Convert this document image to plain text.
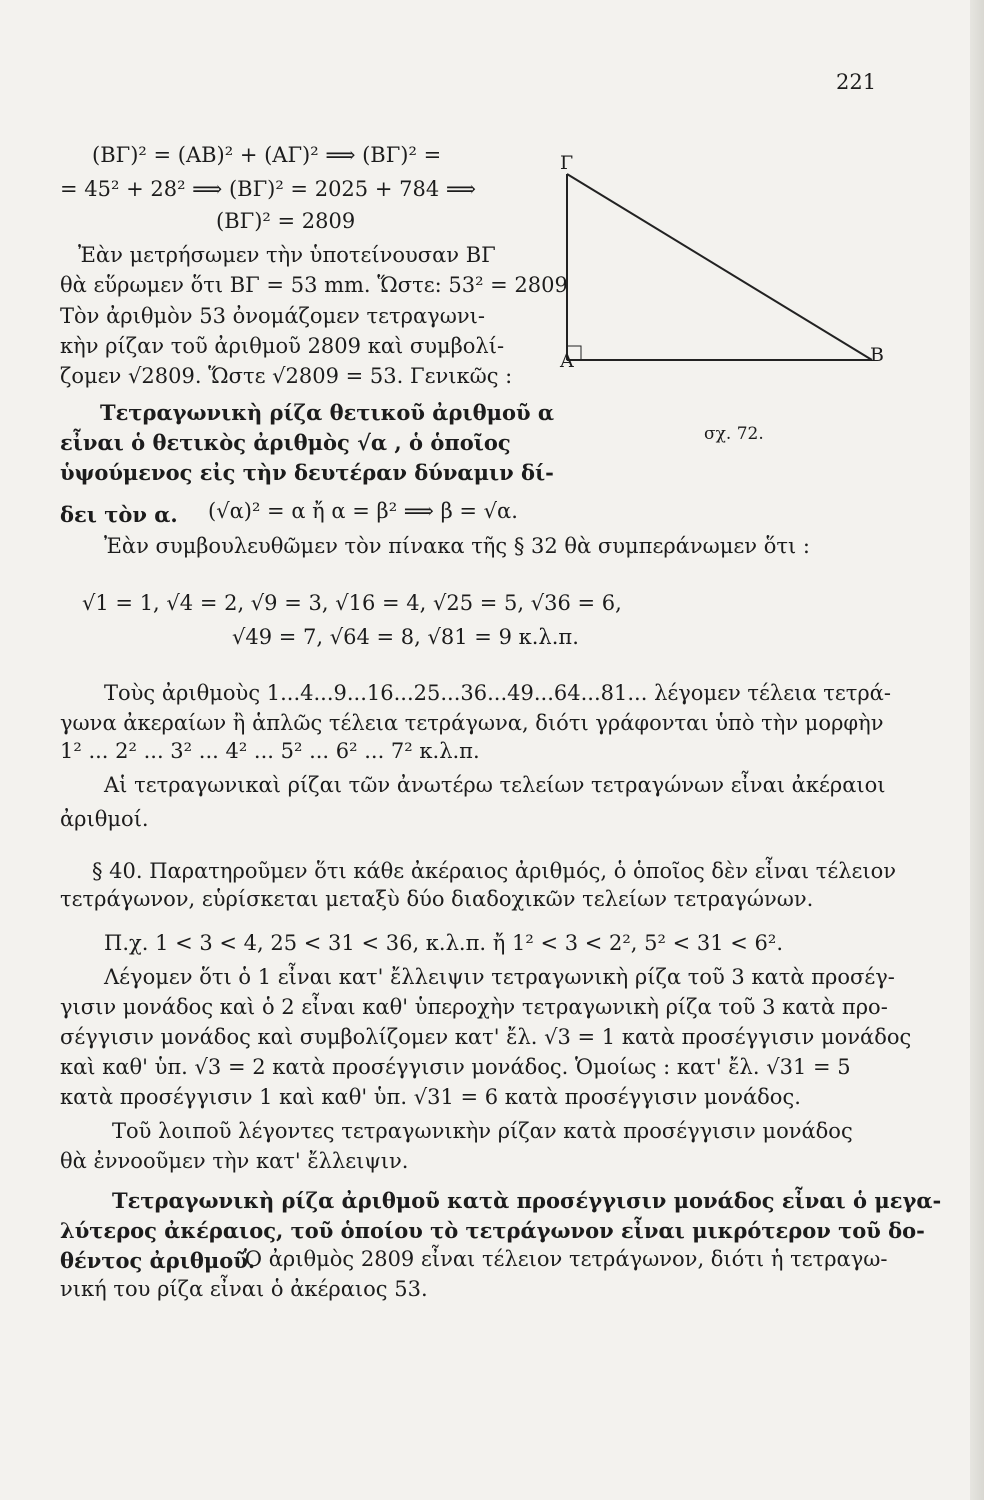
221
Γ
Α	Β
σχ. 72.
(ΒΓ)² = (ΑΒ)² + (ΑΓ)² ⟹ (ΒΓ)² =
= 45² + 28² ⟹ (ΒΓ)² = 2025 + 784 ⟹
(ΒΓ)² = 2809
Ἐὰν μετρήσωμεν τὴν ὑποτείνουσαν ΒΓ
θὰ εὕρωμεν ὅτι ΒΓ = 53 mm. Ὥστε: 53² = 2809
Τὸν ἀριθμὸν 53 ὀνομάζομεν τετραγωνι-
κὴν ρίζαν τοῦ ἀριθμοῦ 2809 καὶ συμβολί-
ζομεν √2809. Ὥστε √2809 = 53. Γενικῶς :
Τετραγωνικὴ ρίζα θετικοῦ ἀριθμοῦ α
εἶναι ὁ θετικὸς ἀριθμὸς √α , ὁ ὁποῖος
ὑψούμενος εἰς τὴν δευτέραν δύναμιν δί-
δει τὸν α. (√α)² = α ἤ α = β² ⟹ β = √α.
Ἐὰν συμβουλευθῶμεν τὸν πίνακα τῆς § 32 θὰ συμπεράνωμεν ὅτι :
√1 = 1, √4 = 2, √9 = 3, √16 = 4, √25 = 5, √36 = 6,
√49 = 7, √64 = 8, √81 = 9 κ.λ.π.
Τοὺς ἀριθμοὺς 1...4...9...16...25...36...49...64...81... λέγομεν τέλεια τετρά-
γωνα ἀκεραίων ἢ ἁπλῶς τέλεια τετράγωνα, διότι γράφονται ὑπὸ τὴν μορφὴν
1² ... 2² ... 3² ... 4² ... 5² ... 6² ... 7² κ.λ.π.
Αἱ τετραγωνικαὶ ρίζαι τῶν ἀνωτέρω τελείων τετραγώνων εἶναι ἀκέραιοι
ἀριθμοί.
§ 40. Παρατηροῦμεν ὅτι κάθε ἀκέραιος ἀριθμός, ὁ ὁποῖος δὲν εἶναι τέλειον
τετράγωνον, εὑρίσκεται μεταξὺ δύο διαδοχικῶν τελείων τετραγώνων.
Π.χ. 1 < 3 < 4, 25 < 31 < 36, κ.λ.π. ἤ 1² < 3 < 2², 5² < 31 < 6².
Λέγομεν ὅτι ὁ 1 εἶναι κατ' ἔλλειψιν τετραγωνικὴ ρίζα τοῦ 3 κατὰ προσέγ-
γισιν μονάδος καὶ ὁ 2 εἶναι καθ' ὑπεροχὴν τετραγωνικὴ ρίζα τοῦ 3 κατὰ προ-
σέγγισιν μονάδος καὶ συμβολίζομεν κατ' ἔλ. √3 = 1 κατὰ προσέγγισιν μονάδος
καὶ καθ' ὑπ. √3 = 2 κατὰ προσέγγισιν μονάδος. Ὁμοίως : κατ' ἔλ. √31 = 5
κατὰ προσέγγισιν 1 καὶ καθ' ὑπ. √31 = 6 κατὰ προσέγγισιν μονάδος.
Τοῦ λοιποῦ λέγοντες τετραγωνικὴν ρίζαν κατὰ προσέγγισιν μονάδος
θὰ ἐννοοῦμεν τὴν κατ' ἔλλειψιν.
Τετραγωνικὴ ρίζα ἀριθμοῦ κατὰ προσέγγισιν μονάδος εἶναι ὁ μεγα-
λύτερος ἀκέραιος, τοῦ ὁποίου τὸ τετράγωνον εἶναι μικρότερον τοῦ δο-
θέντος ἀριθμοῦ.
Ὁ ἀριθμὸς 2809 εἶναι τέλειον τετράγωνον, διότι ἡ τετραγω-
νική του ρίζα εἶναι ὁ ἀκέραιος 53.
